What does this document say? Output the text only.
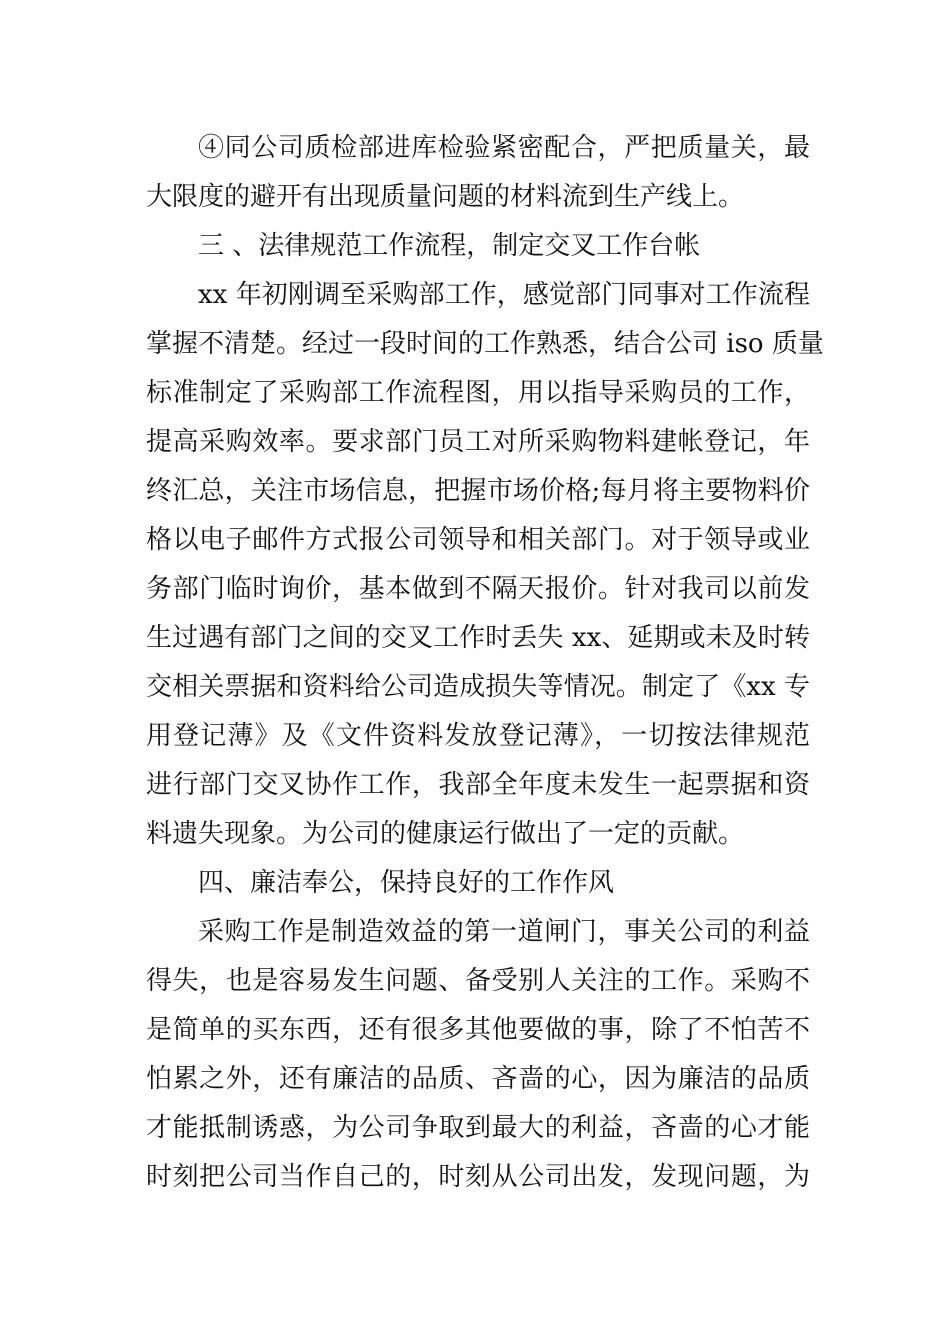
④同公司质检部进库检验紧密配合，严把质量关，最
大限度的避开有出现质量问题的材料流到生产线上。
三 、法律规范工作流程，制定交叉工作台帐
xx 年初刚调至采购部工作，感觉部门同事对工作流程
掌握不清楚。经过一段时间的工作熟悉，结合公司 iso 质量
标准制定了采购部工作流程图，用以指导采购员的工作，
提高采购效率。要求部门员工对所采购物料建帐登记，年
终汇总，关注市场信息，把握市场价格;每月将主要物料价
格以电子邮件方式报公司领导和相关部门。对于领导或业
务部门临时询价，基本做到不隔天报价。针对我司以前发
生过遇有部门之间的交叉工作时丢失 xx、延期或未及时转
交相关票据和资料给公司造成损失等情况。制定了《xx 专
用登记薄》及《文件资料发放登记薄》，一切按法律规范
进行部门交叉协作工作，我部全年度未发生一起票据和资
料遗失现象。为公司的健康运行做出了一定的贡献。
四、廉洁奉公，保持良好的工作作风
采购工作是制造效益的第一道闸门，事关公司的利益
得失，也是容易发生问题、备受别人关注的工作。采购不
是简单的买东西，还有很多其他要做的事，除了不怕苦不
怕累之外，还有廉洁的品质、吝啬的心，因为廉洁的品质
才能抵制诱惑，为公司争取到最大的利益，吝啬的心才能
时刻把公司当作自己的，时刻从公司出发，发现问题，为
